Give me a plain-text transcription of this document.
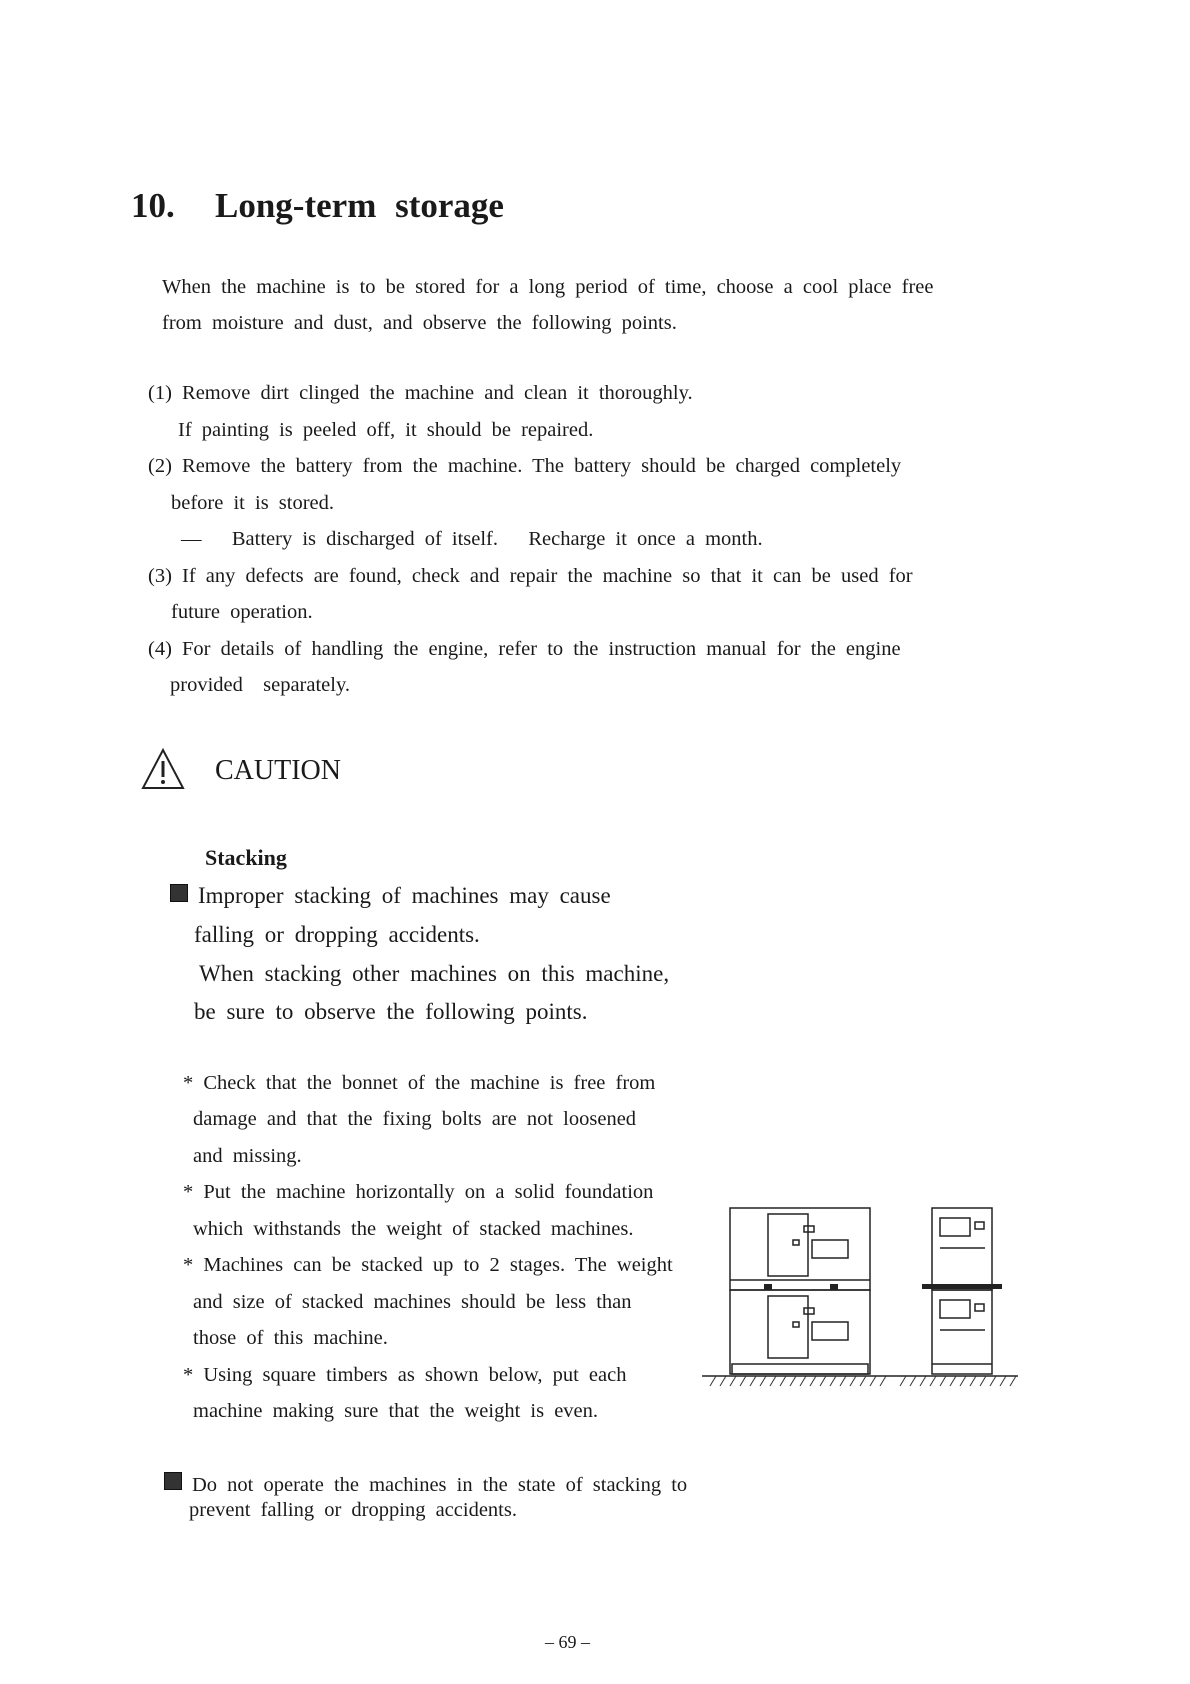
10. Long-term storage
When the machine is to be stored for a long period of time, choose a cool place free
from moisture and dust, and observe the following points.
(1) Remove dirt clinged the machine and clean it thoroughly.
If painting is peeled off, it should be repaired.
(2) Remove the battery from the machine. The battery should be charged completely
before it is stored.
—   Battery is discharged of itself.   Recharge it once a month.
(3) If any defects are found, check and repair the machine so that it can be used for
future operation.
(4) For details of handling the engine, refer to the instruction manual for the engine
provided  separately.
CAUTION
Stacking
Improper stacking of machines may cause
falling or dropping accidents.
When stacking other machines on this machine,
be sure to observe the following points.
* Check that the bonnet of the machine is free from
damage and that the fixing bolts are not loosened
and missing.
* Put the machine horizontally on a solid foundation
which withstands the weight of stacked machines.
* Machines can be stacked up to 2 stages. The weight
and size of stacked machines should be less than
those of this machine.
* Using square timbers as shown below, put each
machine making sure that the weight is even.
Do not operate the machines in the state of stacking to
prevent falling or dropping accidents.
– 69 –
